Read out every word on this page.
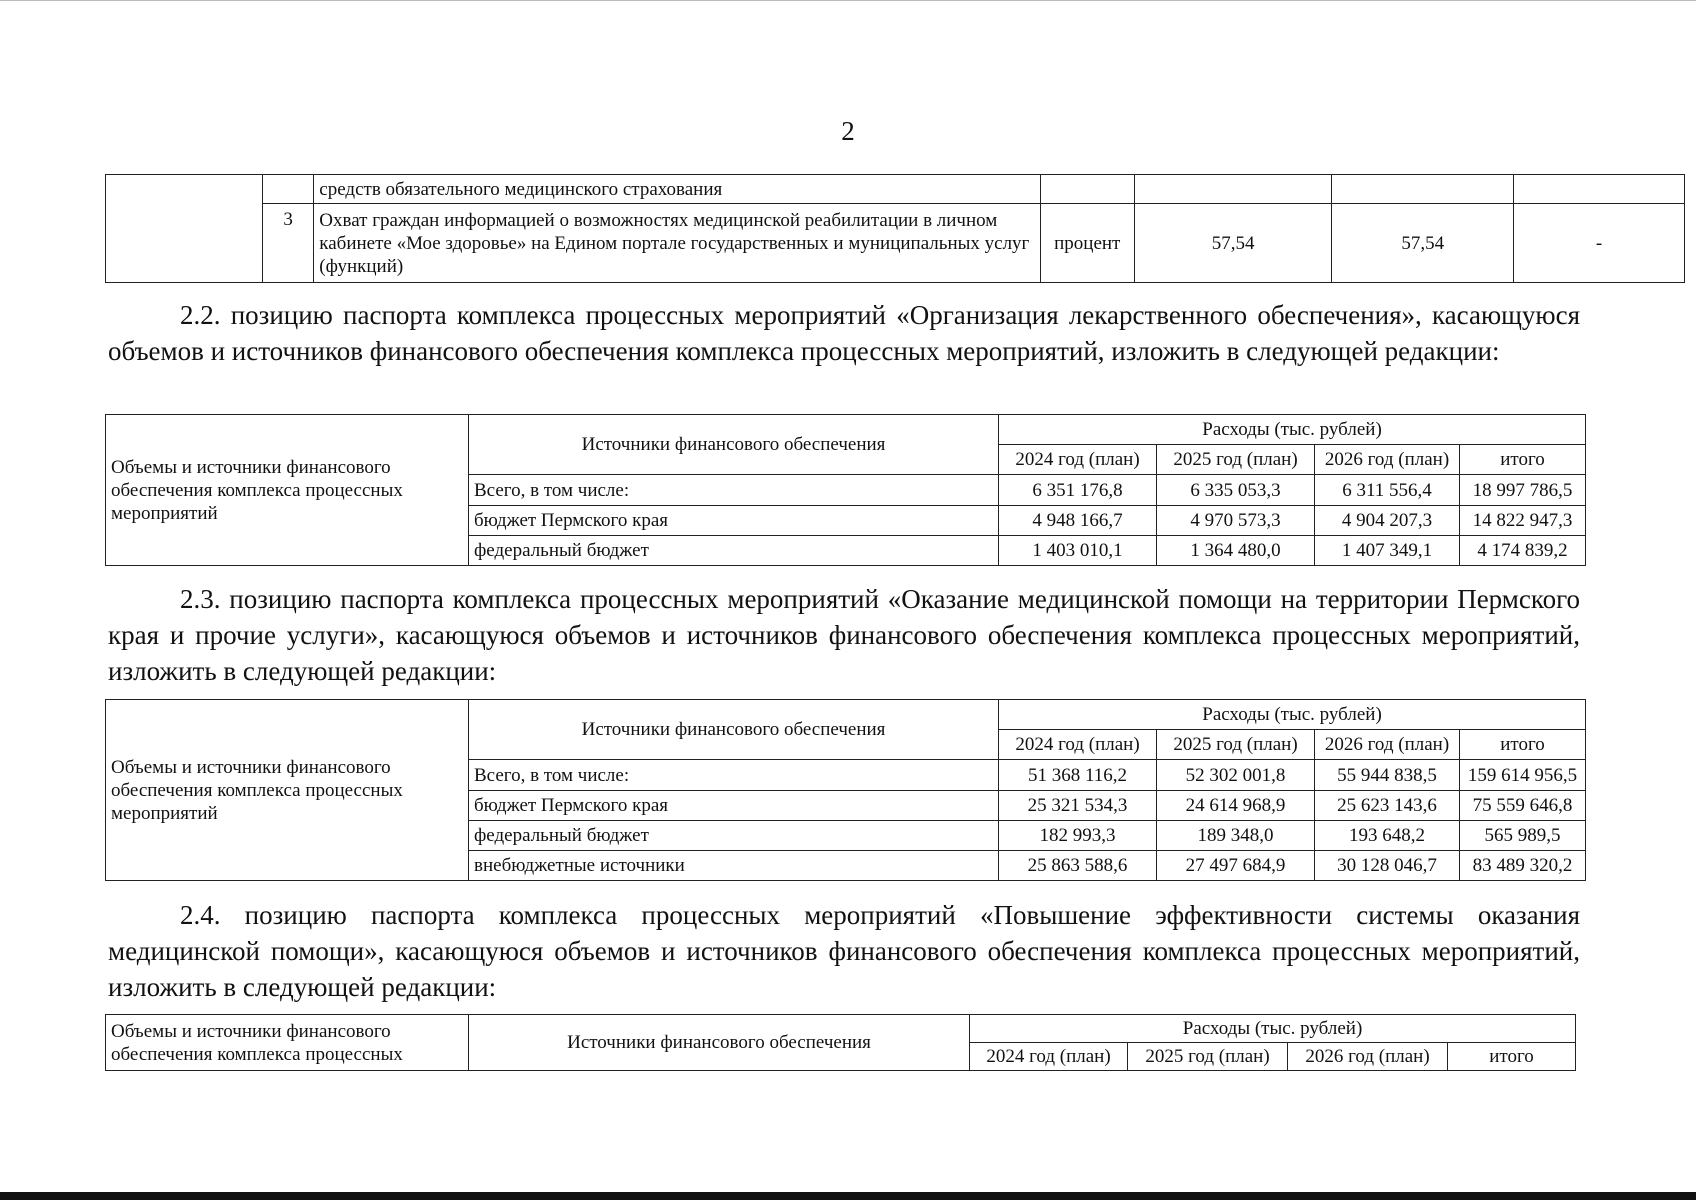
2
		средств обязательного медицинского страхования				
	3	Охват граждан информацией о возможностях медицинской реабилитации в личном кабинете «Мое здоровье» на Едином портале государственных и муниципальных услуг (функций)	процент	57,54	57,54	-

2.2. позицию паспорта комплекса процессных мероприятий «Организация лекарственного обеспечения», касающуюся объемов и источников финансового обеспечения комплекса процессных мероприятий, изложить в следующей редакции:

Объемы и источники финансового обеспечения комплекса процессных мероприятий	Источники финансового обеспечения	Расходы (тыс. рублей)			
		2024 год (план)	2025 год (план)	2026 год (план)	итого
	Всего, в том числе:	6 351 176,8	6 335 053,3	6 311 556,4	18 997 786,5
	бюджет Пермского края	4 948 166,7	4 970 573,3	4 904 207,3	14 822 947,3
	федеральный бюджет	1 403 010,1	1 364 480,0	1 407 349,1	4 174 839,2

2.3. позицию паспорта комплекса процессных мероприятий «Оказание медицинской помощи на территории Пермского края и прочие услуги», касающуюся объемов и источников финансового обеспечения комплекса процессных мероприятий, изложить в следующей редакции:

Объемы и источники финансового обеспечения комплекса процессных мероприятий	Источники финансового обеспечения	Расходы (тыс. рублей)			
		2024 год (план)	2025 год (план)	2026 год (план)	итого
	Всего, в том числе:	51 368 116,2	52 302 001,8	55 944 838,5	159 614 956,5
	бюджет Пермского края	25 321 534,3	24 614 968,9	25 623 143,6	75 559 646,8
	федеральный бюджет	182 993,3	189 348,0	193 648,2	565 989,5
	внебюджетные источники	25 863 588,6	27 497 684,9	30 128 046,7	83 489 320,2

2.4. позицию паспорта комплекса процессных мероприятий «Повышение эффективности системы оказания медицинской помощи», касающуюся объемов и источников финансового обеспечения комплекса процессных мероприятий, изложить в следующей редакции:

Объемы и источники финансового обеспечения комплекса процессных	Источники финансового обеспечения	Расходы (тыс. рублей)			
		2024 год (план)	2025 год (план)	2026 год (план)	итого
